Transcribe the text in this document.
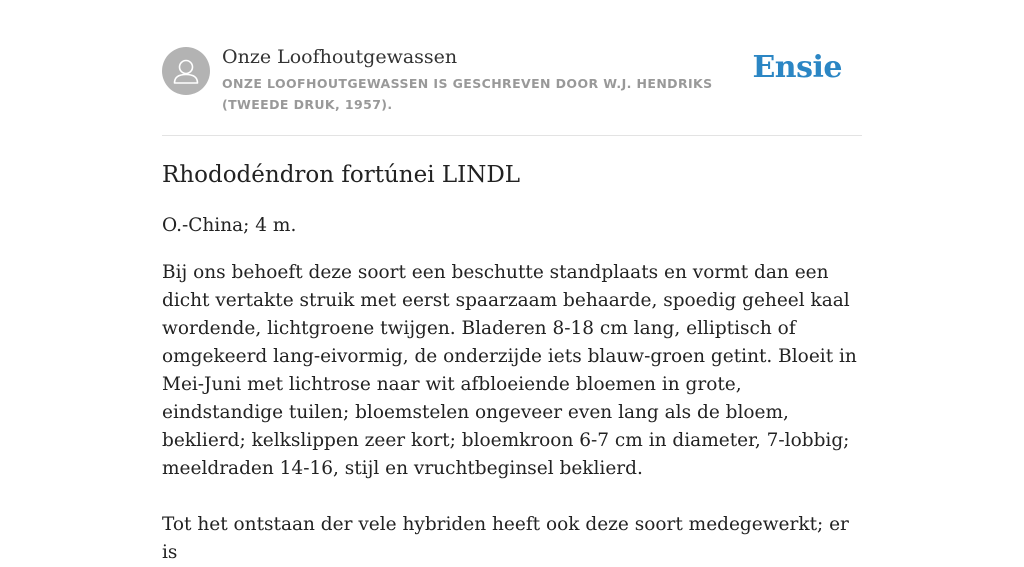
Onze Loofhoutgewassen
ONZE LOOFHOUTGEWASSEN IS GESCHREVEN DOOR W.J. HENDRIKS (TWEEDE DRUK, 1957).
Ensie
Rhododéndron fortúnei LINDL

O.-China; 4 m.

Bij ons behoeft deze soort een beschutte standplaats en vormt dan een dicht vertakte struik met eerst spaarzaam behaarde, spoedig geheel kaal wordende, lichtgroene twijgen. Bladeren 8-18 cm lang, elliptisch of omgekeerd lang-eivormig, de onderzijde iets blauw-groen getint. Bloeit in Mei-Juni met lichtrose naar wit afbloeiende bloemen in grote, eindstandige tuilen; bloemstelen ongeveer even lang als de bloem, beklierd; kelkslippen zeer kort; bloemkroon 6-7 cm in diameter, 7-lobbig; meeldraden 14-16, stijl en vruchtbeginsel beklierd.

Tot het ontstaan der vele hybriden heeft ook deze soort medegewerkt; er is
